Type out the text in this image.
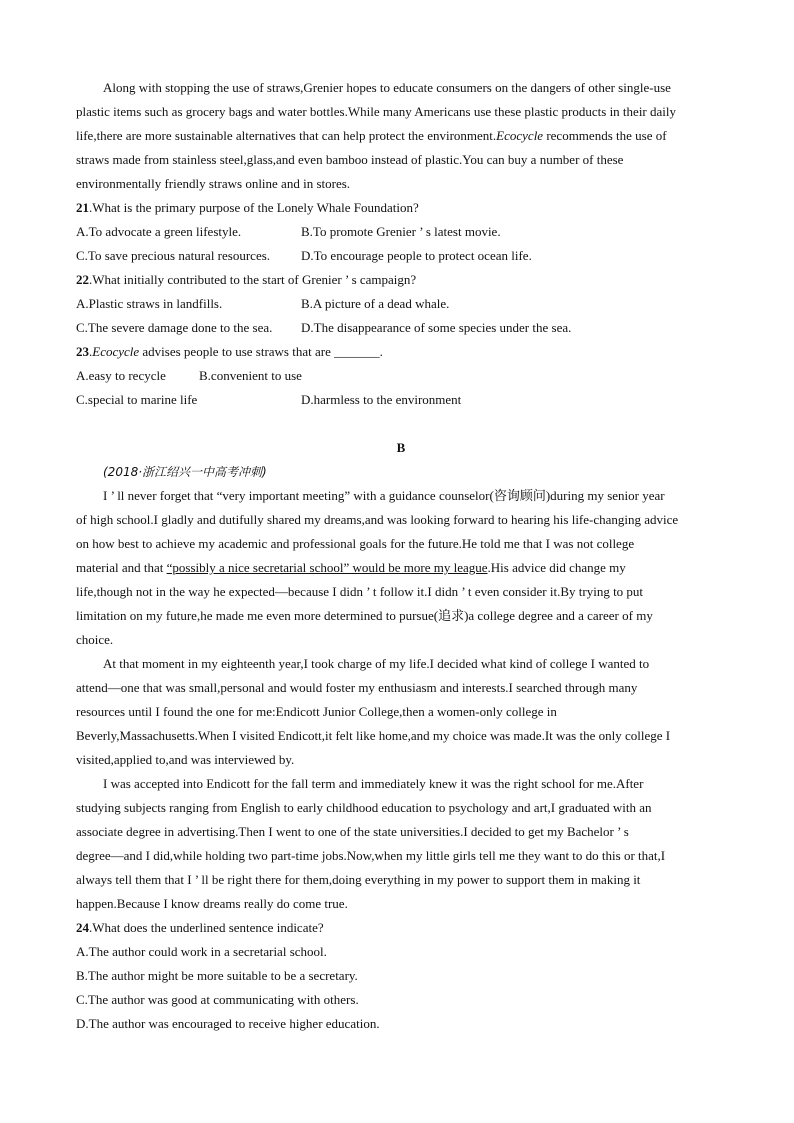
Along with stopping the use of straws,Grenier hopes to educate consumers on the dangers of other single-use
plastic items such as grocery bags and water bottles.While many Americans use these plastic products in their daily
life,there are more sustainable alternatives that can help protect the environment.Ecocycle recommends the use of
straws made from stainless steel,glass,and even bamboo instead of plastic.You can buy a number of these
environmentally friendly straws online and in stores.
21.What is the primary purpose of the Lonely Whale Foundation?
A.To advocate a green lifestyle.	B.To promote Grenier ’ s latest movie.
C.To save precious natural resources. D.To encourage people to protect ocean life.
22.What initially contributed to the start of Grenier ’ s campaign?
A.Plastic straws in landfills.	B.A picture of a dead whale.
C.The severe damage done to the sea. D.The disappearance of some species under the sea.
23.Ecocycle advises people to use straws that are _______.
A.easy to recycle	B.convenient to use
C.special to marine life	D.harmless to the environment
B
(2018·浙江绍兴一中高考冲刺)
I ’ ll never forget that “very important meeting” with a guidance counselor(咨询顾问)during my senior year
of high school.I gladly and dutifully shared my dreams,and was looking forward to hearing his life-changing advice
on how best to achieve my academic and professional goals for the future.He told me that I was not college
material and that “possibly a nice secretarial school” would be more my league.His advice did change my
life,though not in the way he expected—because I didn ’ t follow it.I didn ’ t even consider it.By trying to put
limitation on my future,he made me even more determined to pursue(追求)a college degree and a career of my
choice.
At that moment in my eighteenth year,I took charge of my life.I decided what kind of college I wanted to
attend—one that was small,personal and would foster my enthusiasm and interests.I searched through many
resources until I found the one for me:Endicott Junior College,then a women-only college in
Beverly,Massachusetts.When I visited Endicott,it felt like home,and my choice was made.It was the only college I
visited,applied to,and was interviewed by.
I was accepted into Endicott for the fall term and immediately knew it was the right school for me.After
studying subjects ranging from English to early childhood education to psychology and art,I graduated with an
associate degree in advertising.Then I went to one of the state universities.I decided to get my Bachelor ’ s
degree—and I did,while holding two part-time jobs.Now,when my little girls tell me they want to do this or that,I
always tell them that I ’ ll be right there for them,doing everything in my power to support them in making it
happen.Because I know dreams really do come true.
24.What does the underlined sentence indicate?
A.The author could work in a secretarial school.
B.The author might be more suitable to be a secretary.
C.The author was good at communicating with others.
D.The author was encouraged to receive higher education.
